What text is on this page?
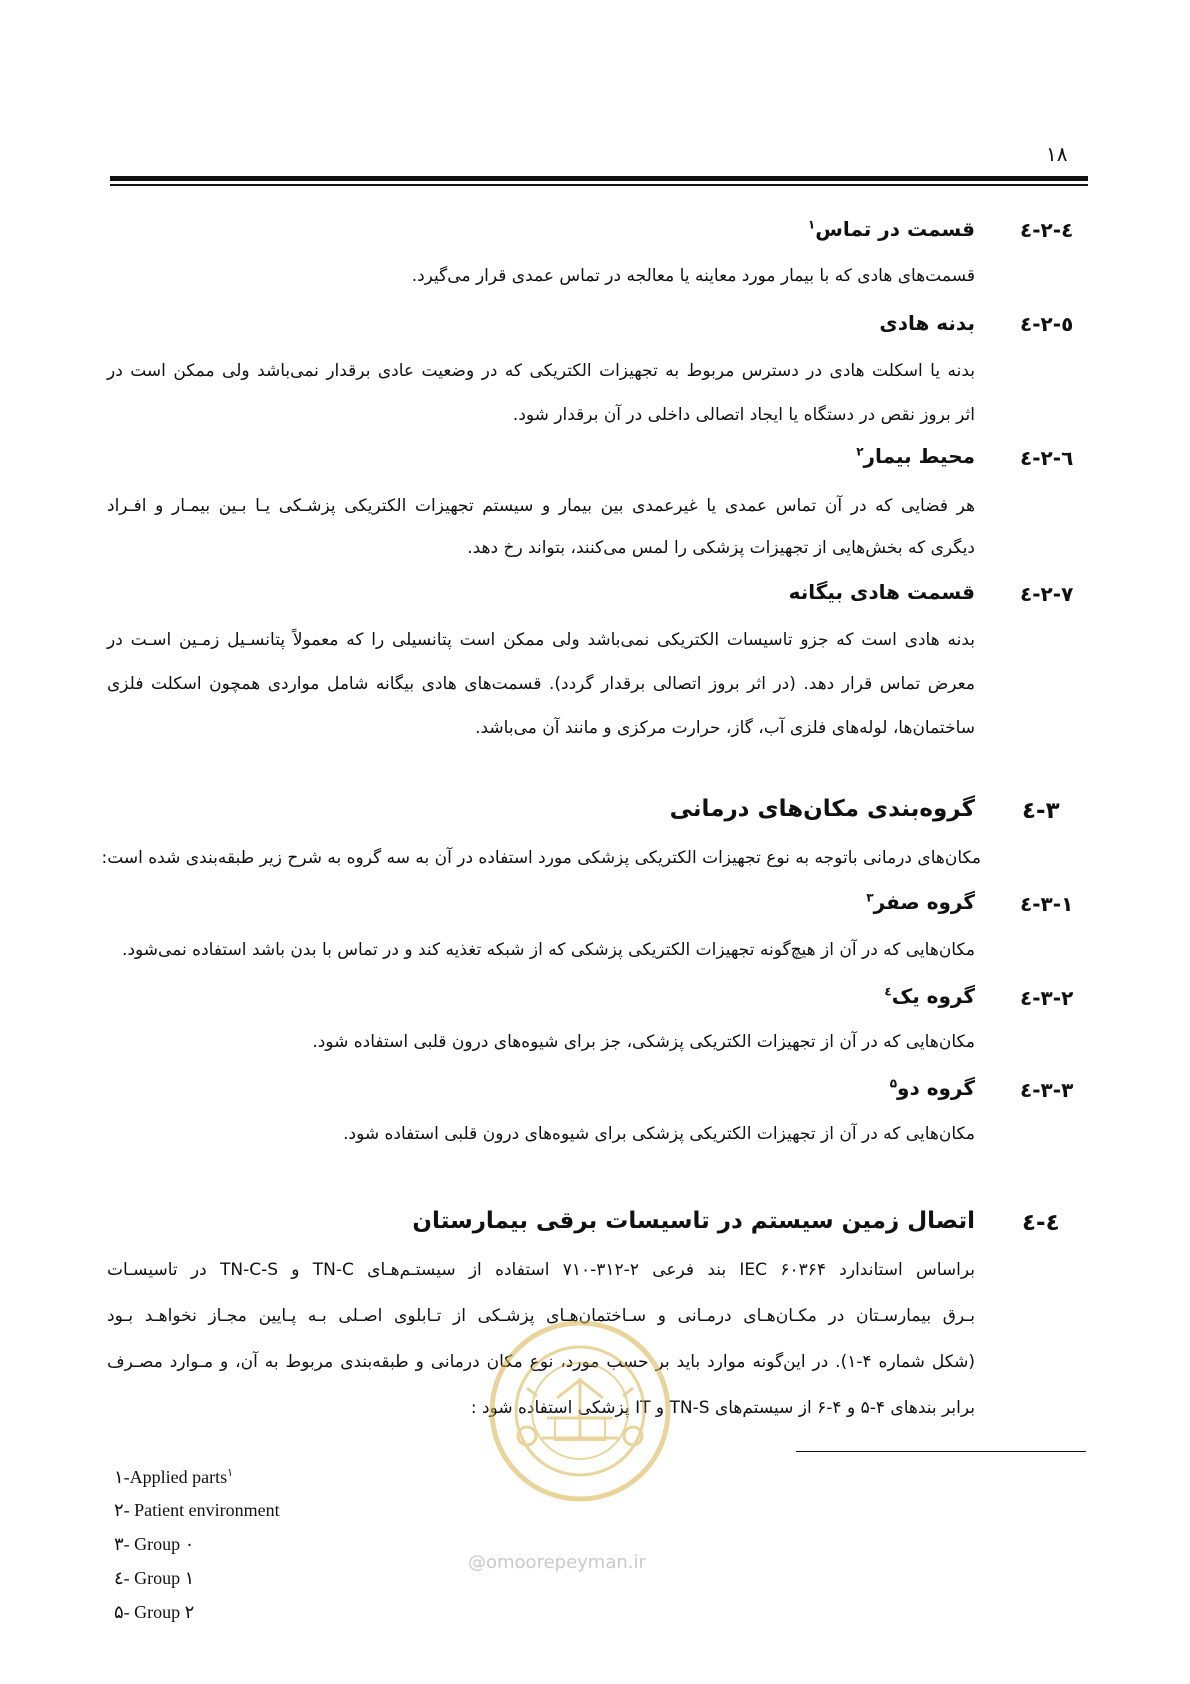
۱۸
٤-٢-٤
قسمت در تماس$^۱$
قسمت‌های هادی که با بیمار مورد معاینه یا معالجه در تماس عمدی قرار می‌گیرد.
٥-٢-٤
بدنه هادی
بدنه یا اسکلت هادی در دسترس مربوط به تجهیزات الکتریکی که در وضعیت عادی برقدار نمی‌باشد ولی ممکن است در
اثر بروز نقص در دستگاه یا ایجاد اتصالی داخلی در آن برقدار شود.
٦-٢-٤
محیط بیمار$^۲$
هر فضایی که در آن تماس عمدی یا غیرعمدی بین بیمار و سیستم تجهیزات الکتریکی پزشـکی یـا بـین بیمـار و افـراد
دیگری که بخش‌هایی از تجهیزات پزشکی را لمس می‌کنند، بتواند رخ دهد.
٧-٢-٤
قسمت هادی بیگانه
بدنه هادی است که جزو تاسیسات الکتریکی نمی‌باشد ولی ممکن است پتانسیلی را که معمولاً پتانسـیل زمـین اسـت در
معرض تماس قرار دهد. (در اثر بروز اتصالی برقدار گردد). قسمت‌های هادی بیگانه شامل مواردی همچون اسکلت فلزی
ساختمان‌ها، لوله‌های فلزی آب، گاز، حرارت مرکزی و مانند آن می‌باشد.
٣-٤
گروه‌بندی مکان‌های درمانی
مکان‌های درمانی باتوجه به نوع تجهیزات الکتریکی پزشکی مورد استفاده در آن به سه گروه به شرح زیر طبقه‌بندی شده است:
١-٣-٤
گروه صفر$^۳$
مکان‌هایی که در آن از هیچ‌گونه تجهیزات الکتریکی پزشکی که از شبکه تغذیه کند و در تماس با بدن باشد استفاده نمی‌شود.
٢-٣-٤
گروه یک$^٤$
مکان‌هایی که در آن از تجهیزات الکتریکی پزشکی، جز برای شیوه‌های درون قلبی استفاده شود.
٣-٣-٤
گروه دو$^۵$
مکان‌هایی که در آن از تجهیزات الکتریکی پزشکی برای شیوه‌های درون قلبی استفاده شود.
٤-٤
اتصال زمین سیستم در تاسیسات برقی بیمارستان
براساس استاندارد IEC ۶۰۳۶۴ بند فرعی ۲-۳۱۲-۷۱۰ استفاده از سیستـم‌هـای TN-C و TN-C-S در تاسیسـات
بـرق بیمارسـتان در مکـان‌هـای درمـانی و سـاختمان‌هـای پزشـکی از تـابلوی اصـلی بـه پـایین مجـاز نخواهـد بـود
(شکل شماره ۴-۱). در این‌گونه موارد باید بر حسب مورد، نوع مکان درمانی و طبقه‌بندی مربوط به آن، و مـوارد مصـرف
برابر بندهای ۴-۵ و ۴-۶ از سیستم‌های TN-S و IT پزشکی استفاده شود :
@omoorepeyman.ir
۱-Applied parts$^۱$
۲- Patient environment
۳- Group ۰
٤- Group ۱
۵- Group ۲
